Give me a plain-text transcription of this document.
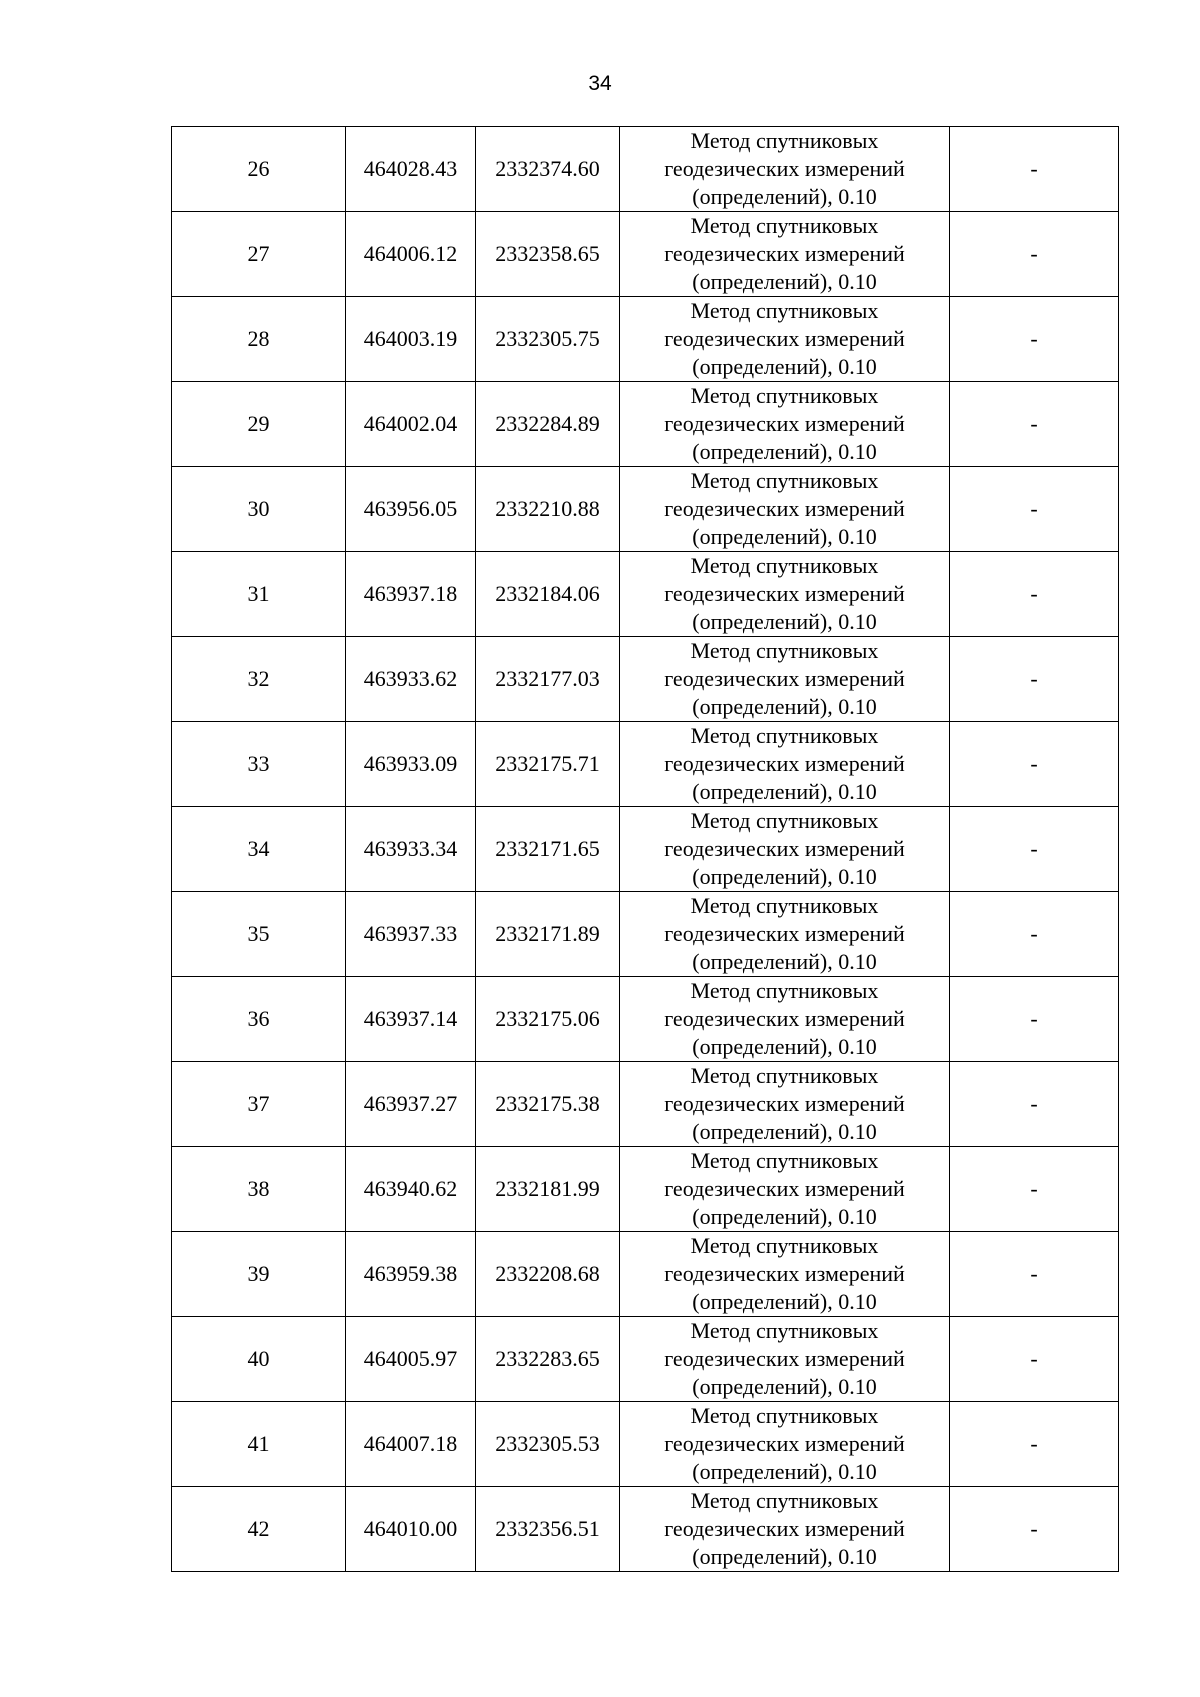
34
26	464028.43	2332374.60	Метод спутниковых
геодезических измерений
(определений), 0.10	-
27	464006.12	2332358.65	Метод спутниковых
геодезических измерений
(определений), 0.10	-
28	464003.19	2332305.75	Метод спутниковых
геодезических измерений
(определений), 0.10	-
29	464002.04	2332284.89	Метод спутниковых
геодезических измерений
(определений), 0.10	-
30	463956.05	2332210.88	Метод спутниковых
геодезических измерений
(определений), 0.10	-
31	463937.18	2332184.06	Метод спутниковых
геодезических измерений
(определений), 0.10	-
32	463933.62	2332177.03	Метод спутниковых
геодезических измерений
(определений), 0.10	-
33	463933.09	2332175.71	Метод спутниковых
геодезических измерений
(определений), 0.10	-
34	463933.34	2332171.65	Метод спутниковых
геодезических измерений
(определений), 0.10	-
35	463937.33	2332171.89	Метод спутниковых
геодезических измерений
(определений), 0.10	-
36	463937.14	2332175.06	Метод спутниковых
геодезических измерений
(определений), 0.10	-
37	463937.27	2332175.38	Метод спутниковых
геодезических измерений
(определений), 0.10	-
38	463940.62	2332181.99	Метод спутниковых
геодезических измерений
(определений), 0.10	-
39	463959.38	2332208.68	Метод спутниковых
геодезических измерений
(определений), 0.10	-
40	464005.97	2332283.65	Метод спутниковых
геодезических измерений
(определений), 0.10	-
41	464007.18	2332305.53	Метод спутниковых
геодезических измерений
(определений), 0.10	-
42	464010.00	2332356.51	Метод спутниковых
геодезических измерений
(определений), 0.10	-
